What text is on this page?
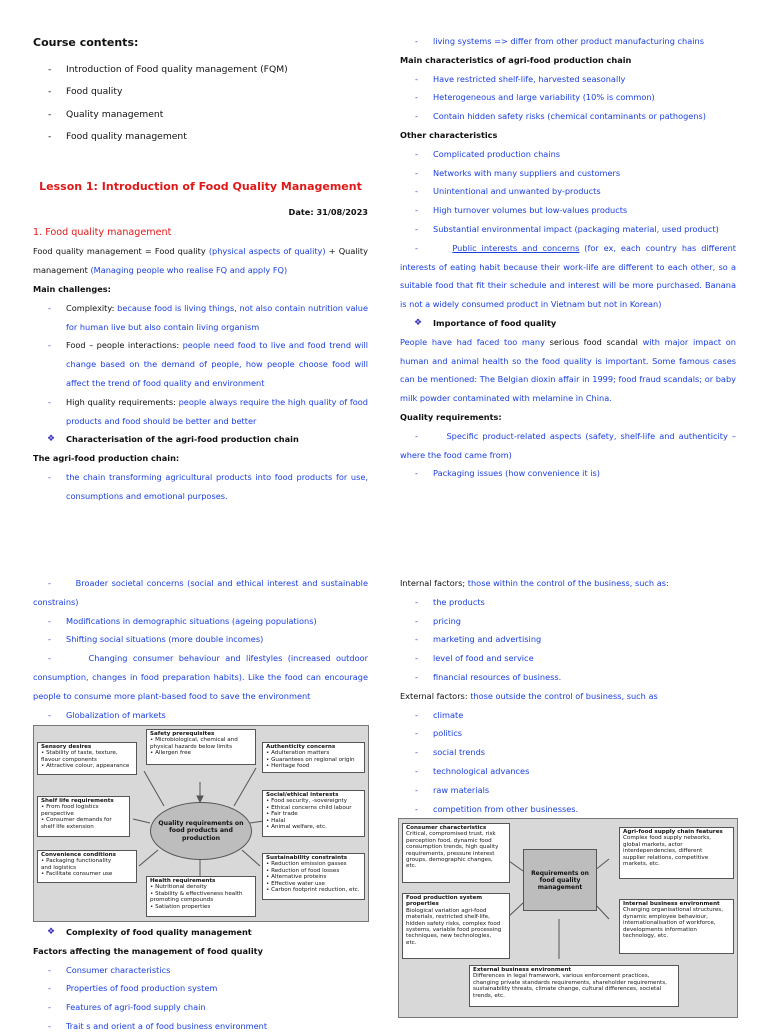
Course contents:
- Introduction of Food quality management (FQM)
- Food quality
- Quality management
- Food quality management
Lesson 1: Introduction of Food Quality Management
Date: 31/08/2023
1. Food quality management

Food quality management = Food quality (physical aspects of quality) + Quality management (Managing people who realise FQ and apply FQ)

Main challenges:

- Complexity: because food is living things, not also contain nutrition value for human live but also contain living organism
- Food – people interactions: people need food to live and food trend will change based on the demand of people, how people choose food will affect the trend of food quality and environment
- High quality requirements: people always require the high quality of food products and food should be better and better
❖ Characterisation of the agri-food production chain

The agri-food production chain:

- the chain transforming agricultural products into food products for use, consumptions and emotional purposes.
- living systems => differ from other product manufacturing chains

Main characteristics of agri-food production chain

- Have restricted shelf-life, harvested seasonally
- Heterogeneous and large variability (10% is common)
- Contain hidden safety risks (chemical contaminants or pathogens)

Other characteristics

- Complicated production chains
- Networks with many suppliers and customers
- Unintentional and unwanted by-products
- High turnover volumes but low-values products
- Substantial environmental impact (packaging material, used product)

-       Public interests and concerns (for ex, each country has different interests of eating habit because their work-life are different to each other, so a suitable food that fit their schedule and interest will be more purchased. Banana is not a widely consumed product in Vietnam but not in Korean)

❖ Importance of food quality

People have had faced too many serious food scandal with major impact on human and animal health so the food quality is important. Some famous cases can be mentioned: The Belgian dioxin affair in 1999; food fraud scandals; or baby milk powder contaminated with melamine in China.

Quality requirements:

-       Specific product-related aspects (safety, shelf-life and authenticity – where the food came from)

- Packaging issues (how convenience it is)

-       Broader societal concerns (social and ethical interest and sustainable constrains)

- Modifications in demographic situations (ageing populations)
- Shifting social situations (more double incomes)

-       Changing consumer behaviour and lifestyles (increased outdoor consumption, changes in food preparation habits). Like the food can encourage people to consume more plant-based food to save the environment

- Globalization of markets
Safety prerequisites
• Microbiological, chemical and
physical hazards below limits
• Allergen free
Sensory desires
• Stability of taste, texture,
flavour components
• Attractive colour, appearance
Authenticity concerns
• Adulteration matters
• Guarantees on regional origin
• Heritage food
Shelf life requirements
• From food logistics
perspective
• Consumer demands for
shelf life extension	Quality requirements on food products and production
Social/ethical interests
• Food security, -sovereignty
• Ethical concerns child labour
• Fair trade
• Halal
• Animal welfare, etc.
Convenience conditions
• Packaging functionality
and logistics
• Facilitate consumer use
Sustainability constraints
• Reduction emission gasses
• Reduction of food losses
• Alternative proteins
• Effective water use
• Carbon footprint reduction, etc.
Health requirements
• Nutritional density
• Stability & effectiveness health
promoting compounds
• Satiation properties
❖ Complexity of food quality management

Factors affecting the management of food quality

- Consumer characteristics
- Properties of food production system
- Features of agri-food supply chain
- Trait s and orient a of food business environment

Internal factors; those within the control of the business, such as:

- the products
- pricing
- marketing and advertising
- level of food and service
- financial resources of business.

External factors: those outside the control of business, such as

- climate
- politics
- social trends
- technological advances
- raw materials
- competition from other businesses.
Consumer characteristics
Critical, compromised trust, risk
perception food, dynamic food
consumption trends, high quality
requirements, pressure interest
groups, demographic changes,
etc.
Agri-food supply chain features
Complex food supply networks,
global markets, actor
interdependencies, different
supplier relations, competitive
markets, etc.
Requirements on food quality management
Food production system properties
Biological variation agri-food
materials, restricted shelf-life,
hidden safety risks, complex food
systems, variable food processing
techniques, new technologies,
etc.
Internal business environment
Changing organisational structures,
dynamic employee behaviour,
internationalisation of workforce,
developments information
technology, etc.
External business environment
Differences in legal framework, various enforcement practices,
changing private standards requirements, shareholder requirements,
sustainability threats, climate change, cultural differences, societal
trends, etc.
